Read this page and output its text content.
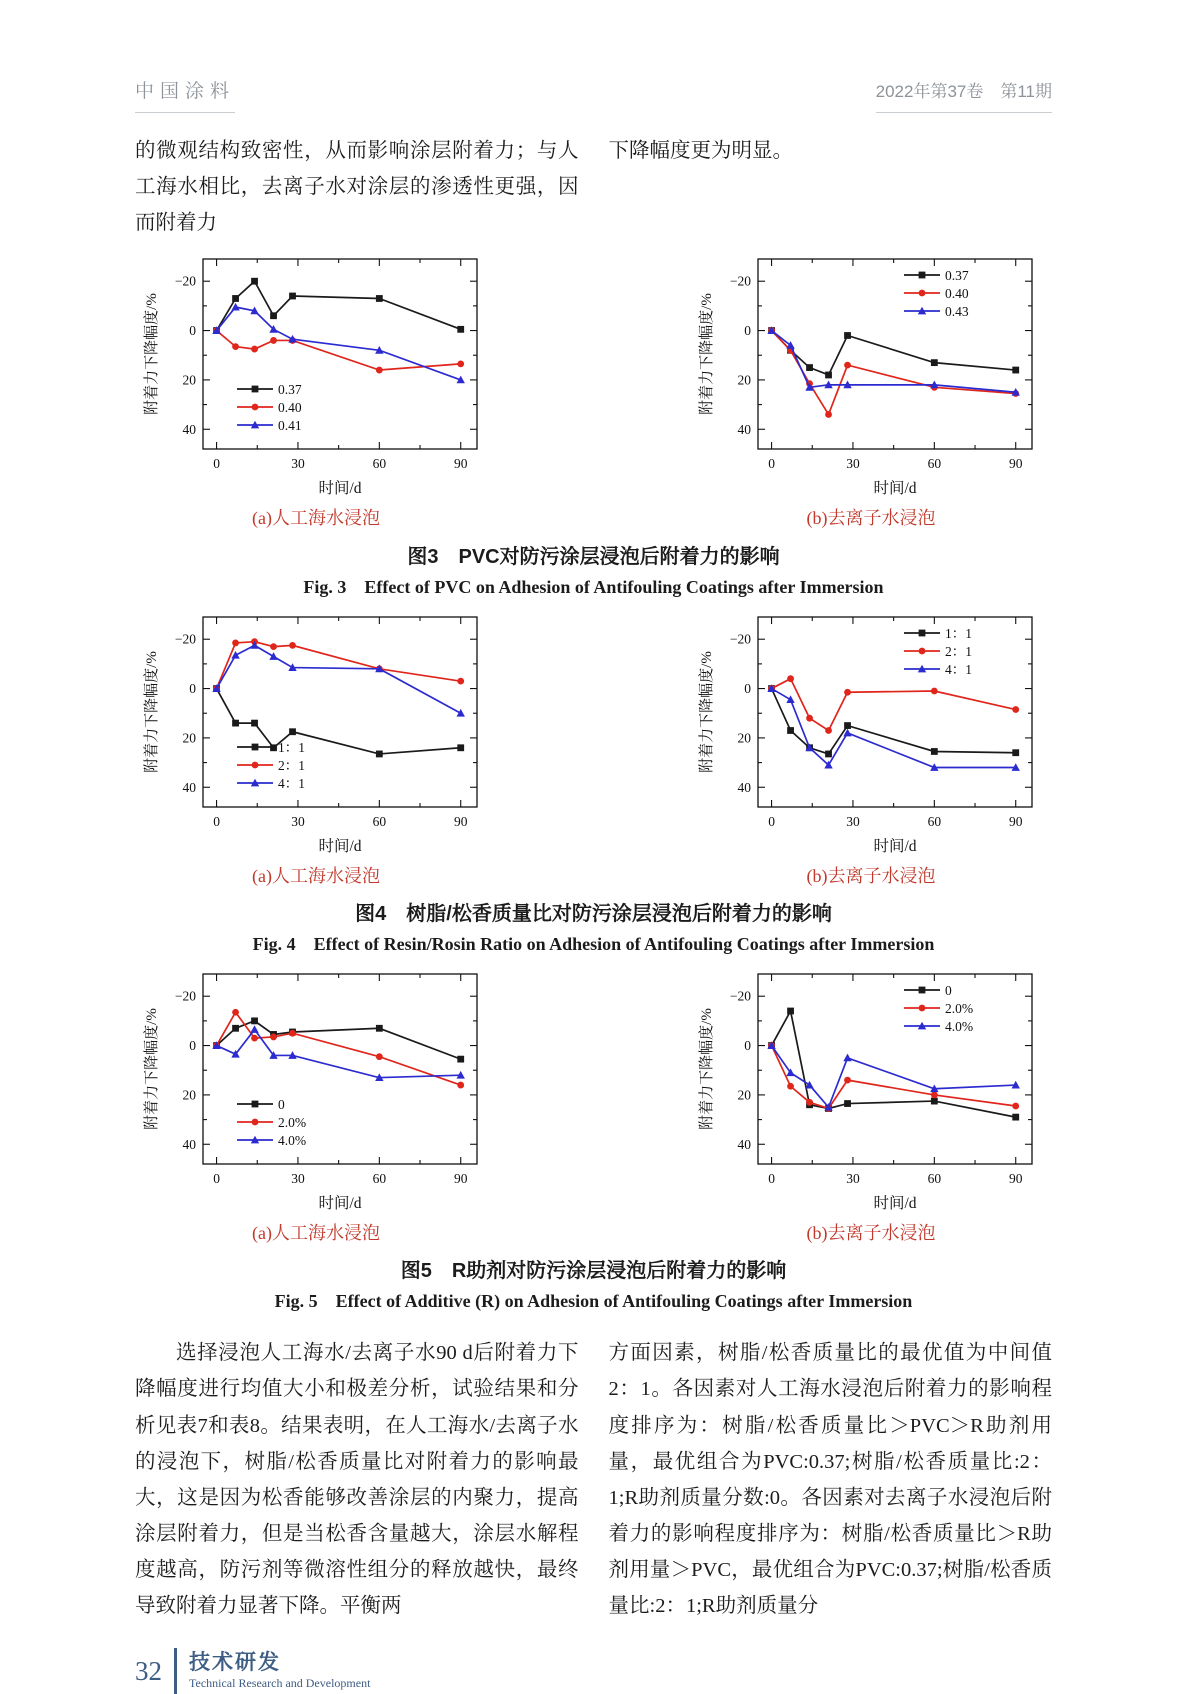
中国涂料	2022年第37卷　第11期

的微观结构致密性，从而影响涂层附着力；与人工海水相比，去离子水对涂层的渗透性更强，因而附着力

下降幅度更为明显。

0	30	60	90
−20
0
20
40
时间/d
附着力下降幅度/%	0.37
0.40
0.41
(a)人工海水浸泡
0	30	60	90
−20
0
20
40
时间/d
附着力下降幅度/%
0.37
0.40
0.43
(b)去离子水浸泡
图3　PVC对防污涂层浸泡后附着力的影响
Fig. 3　Effect of PVC on Adhesion of Antifouling Coatings after Immersion
0	30	60	90
−20
0
20
40
时间/d
附着力下降幅度/%	1：1
2：1
4：1
(a)人工海水浸泡
0	30	60	90
−20
0
20
40
时间/d
附着力下降幅度/%
1：1
2：1
4：1
(b)去离子水浸泡
图4　树脂/松香质量比对防污涂层浸泡后附着力的影响
Fig. 4　Effect of Resin/Rosin Ratio on Adhesion of Antifouling Coatings after Immersion
0	30	60	90
−20
0
20
40
时间/d
附着力下降幅度/%	0
2.0%
4.0%
(a)人工海水浸泡
0	30	60	90
−20
0
20
40
时间/d
附着力下降幅度/%
0
2.0%
4.0%
(b)去离子水浸泡
图5　R助剂对防污涂层浸泡后附着力的影响
Fig. 5　Effect of Additive (R) on Adhesion of Antifouling Coatings after Immersion

选择浸泡人工海水/去离子水90 d后附着力下降幅度进行均值大小和极差分析，试验结果和分析见表7和表8。结果表明，在人工海水/去离子水的浸泡下，树脂/松香质量比对附着力的影响最大，这是因为松香能够改善涂层的内聚力，提高涂层附着力，但是当松香含量越大，涂层水解程度越高，防污剂等微溶性组分的释放越快，最终导致附着力显著下降。平衡两

方面因素，树脂/松香质量比的最优值为中间值2：1。各因素对人工海水浸泡后附着力的影响程度排序为：树脂/松香质量比＞PVC＞R助剂用量，最优组合为PVC:0.37;树脂/松香质量比:2：1;R助剂质量分数:0。各因素对去离子水浸泡后附着力的影响程度排序为：树脂/松香质量比＞R助剂用量＞PVC，最优组合为PVC:0.37;树脂/松香质量比:2：1;R助剂质量分

32 技术研发
Technical Research and Development
